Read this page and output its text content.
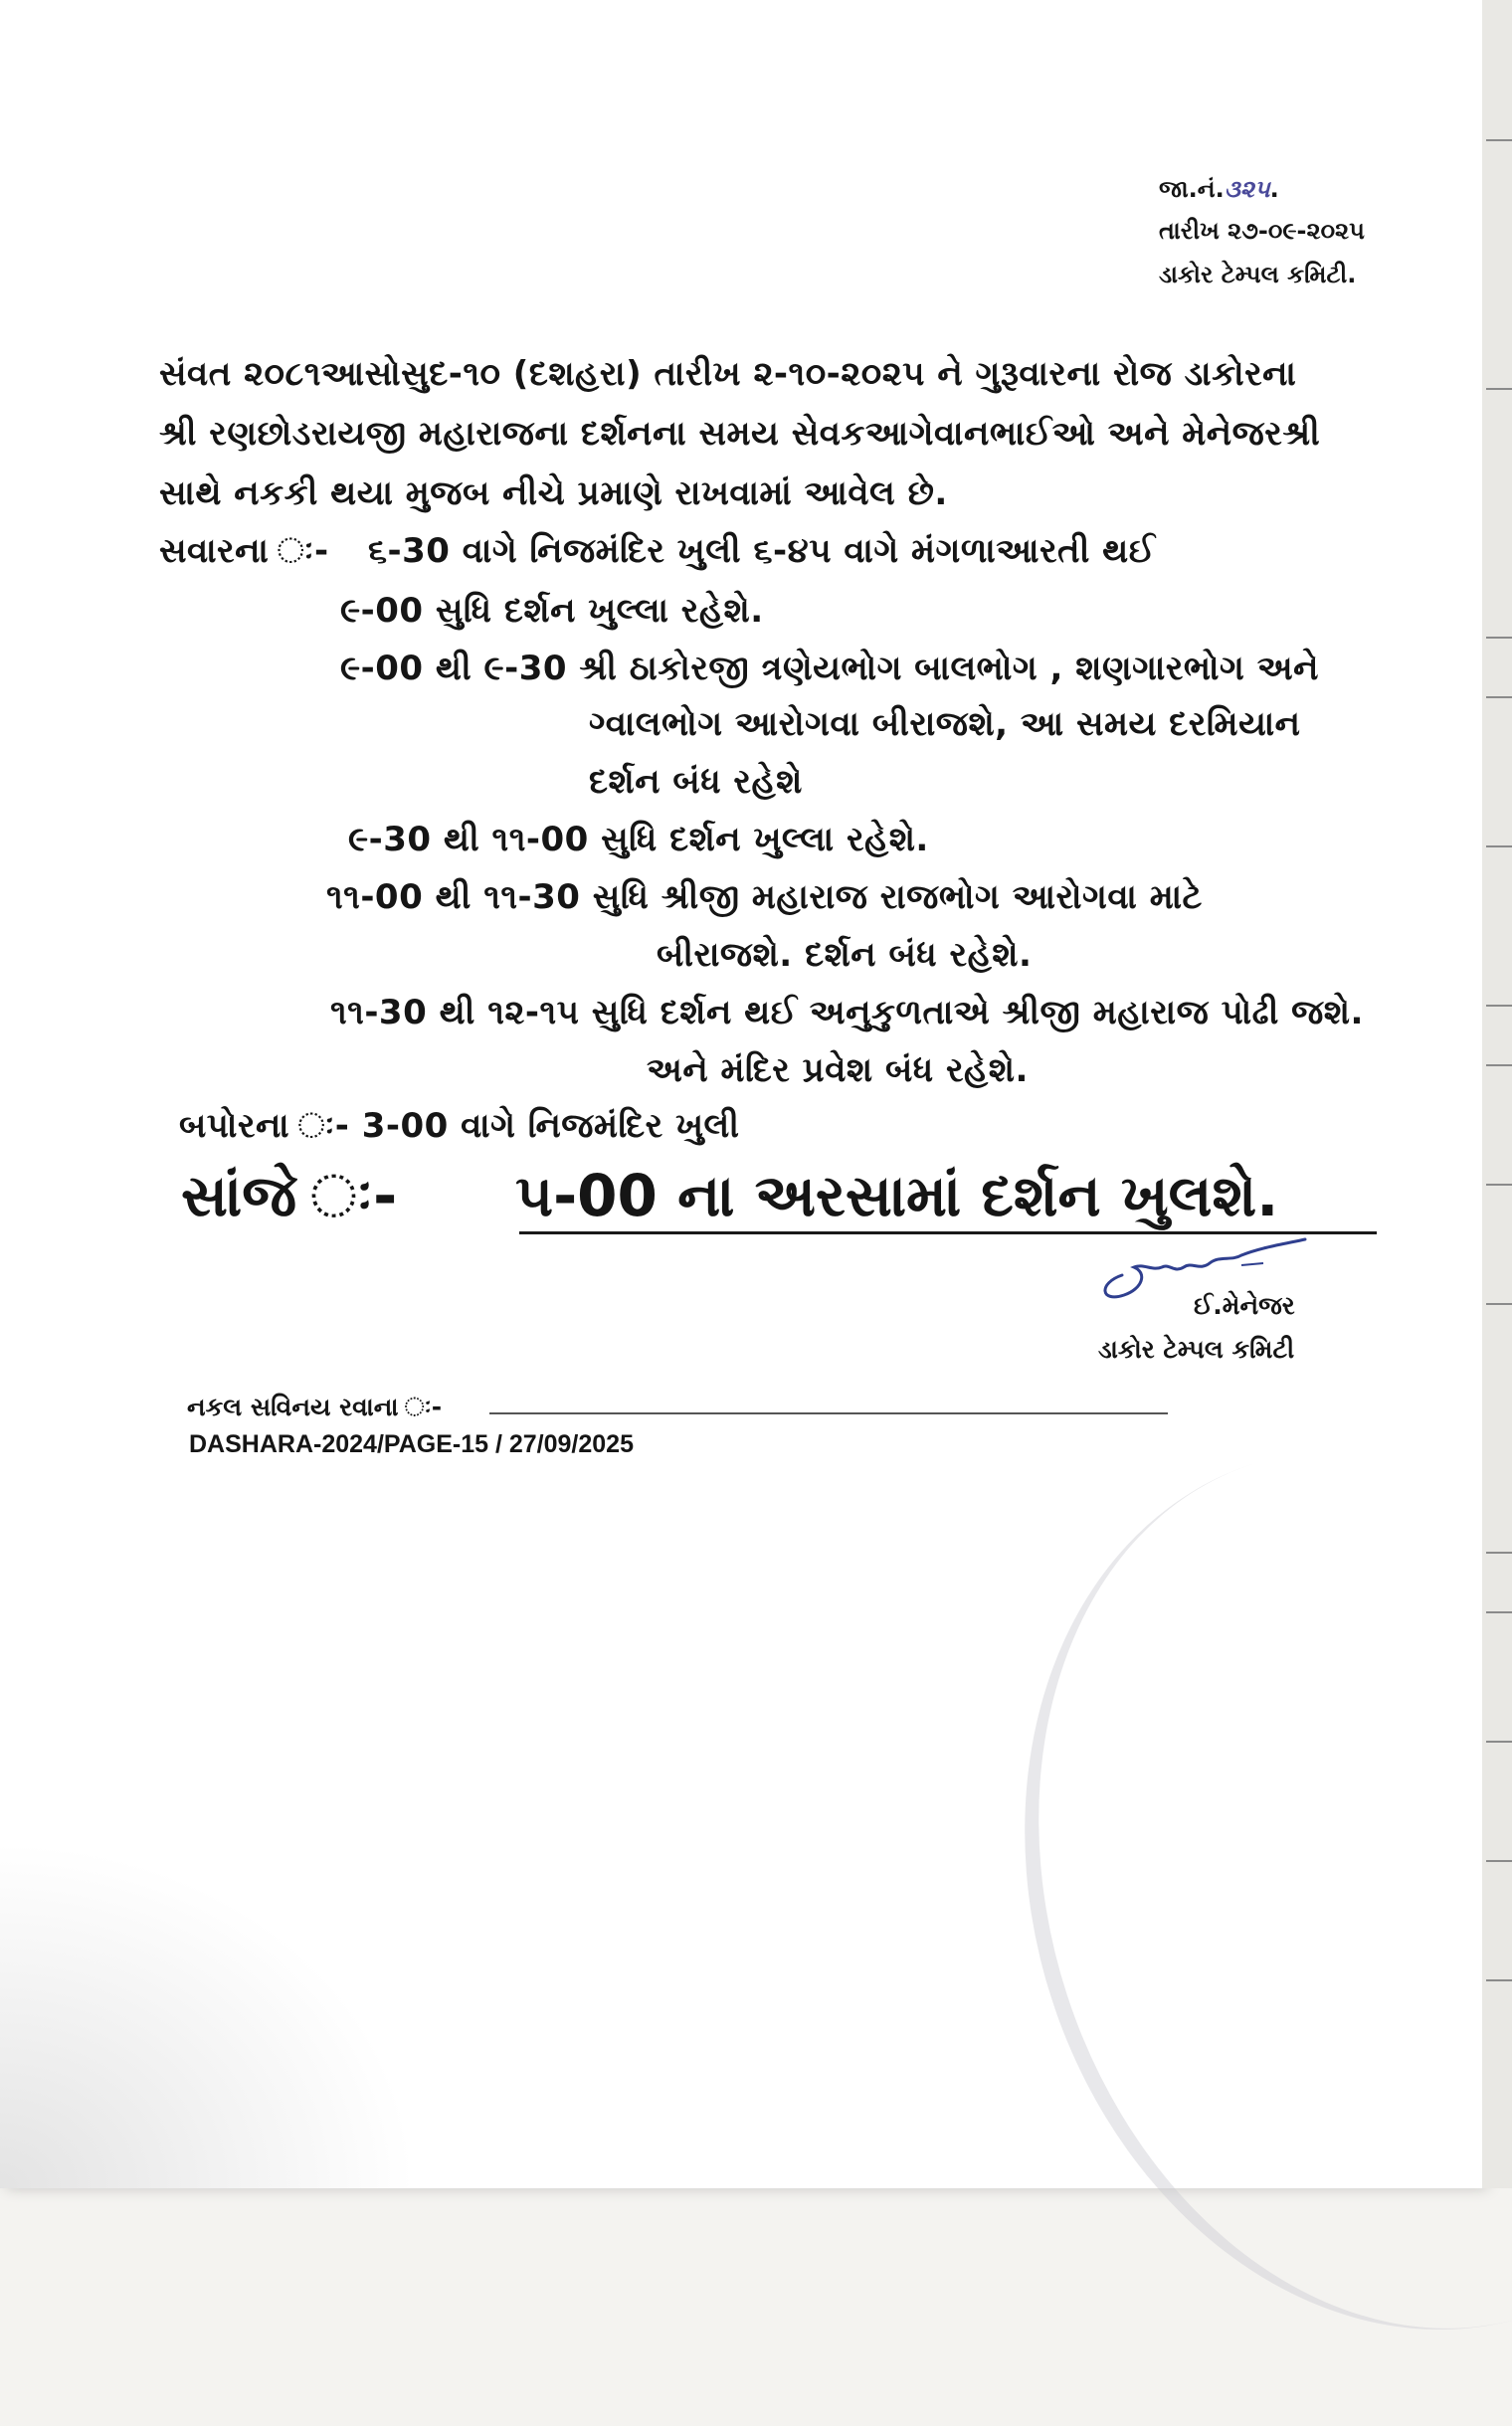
જા.નં.૩૨૫.
તારીખ ૨૭-૦૯-૨૦૨૫
ડાકોર ટેમ્પલ કમિટી.
સંવત ૨૦૮૧આસોસુદ-૧૦ (દશહરા) તારીખ ૨-૧૦-૨૦૨૫ ને ગુરૂવારના રોજ ડાકોરના
શ્રી રણછોડરાયજી મહારાજના દર્શનના સમય સેવકઆગેવાનભાઈઓ અને મેનેજરશ્રી
સાથે નકકી થયા મુજબ નીચે પ્રમાણે રાખવામાં આવેલ છે.
સવારના ઃ- ૬-30 વાગે નિજમંદિર ખુલી ૬-૪૫ વાગે મંગળાઆરતી થઈ
૯-00 સુધિ દર્શન ખુલ્લા રહેશે.
૯-00 થી ૯-30 શ્રી ઠાકોરજી ત્રણેયભોગ બાલભોગ , શણગારભોગ અને
ગ્વાલભોગ આરોગવા બીરાજશે, આ સમય દરમિયાન
દર્શન બંધ રહેશે
૯-30 થી ૧૧-00 સુધિ દર્શન ખુલ્લા રહેશે.
૧૧-00 થી ૧૧-30 સુધિ શ્રીજી મહારાજ રાજભોગ આરોગવા માટે
બીરાજશે. દર્શન બંધ રહેશે.
૧૧-30 થી ૧૨-૧૫ સુધિ દર્શન થઈ અનુકુળતાએ શ્રીજી મહારાજ પોઢી જશે.
અને મંદિર પ્રવેશ બંધ રહેશે.
બપોરના ઃ- 3-00 વાગે નિજમંદિર ખુલી
સાંજે ઃ- ૫-00 ના અરસામાં દર્શન ખુલશે.
ઈ.મેનેજર
ડાકોર ટેમ્પલ કમિટી
નકલ સવિનય રવાના ઃ-
DASHARA-2024/PAGE-15 / 27/09/2025
